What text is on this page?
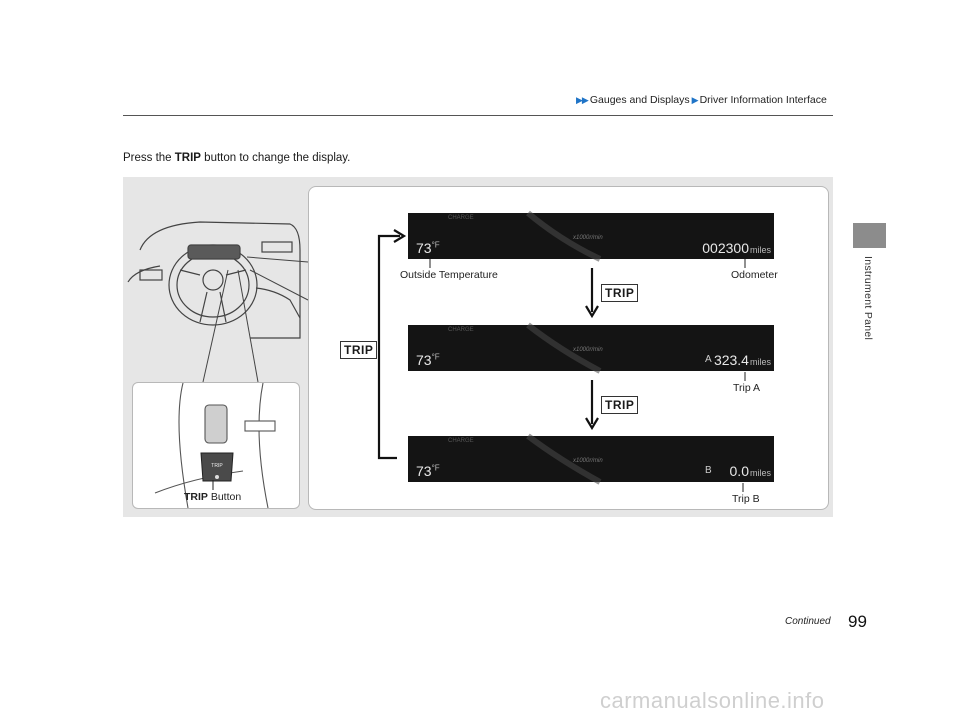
▶▶ Gauges and Displays ▶ Driver Information Interface
Instrument Panel
Press the TRIP button to change the display.
TRIP
CHARGE
x1000r/min
$73^{^\circ F}$	002300miles
CHARGE
x1000r/min
$73^{^\circ F}$	A 323.4miles
CHARGE
x1000r/min
$73^{^\circ F}$	B 0.0miles
TRIP
TRIP
TRIP
Outside Temperature	Odometer
Trip A
Trip B
TRIP Button
Continued 99
carmanualsonline.info
